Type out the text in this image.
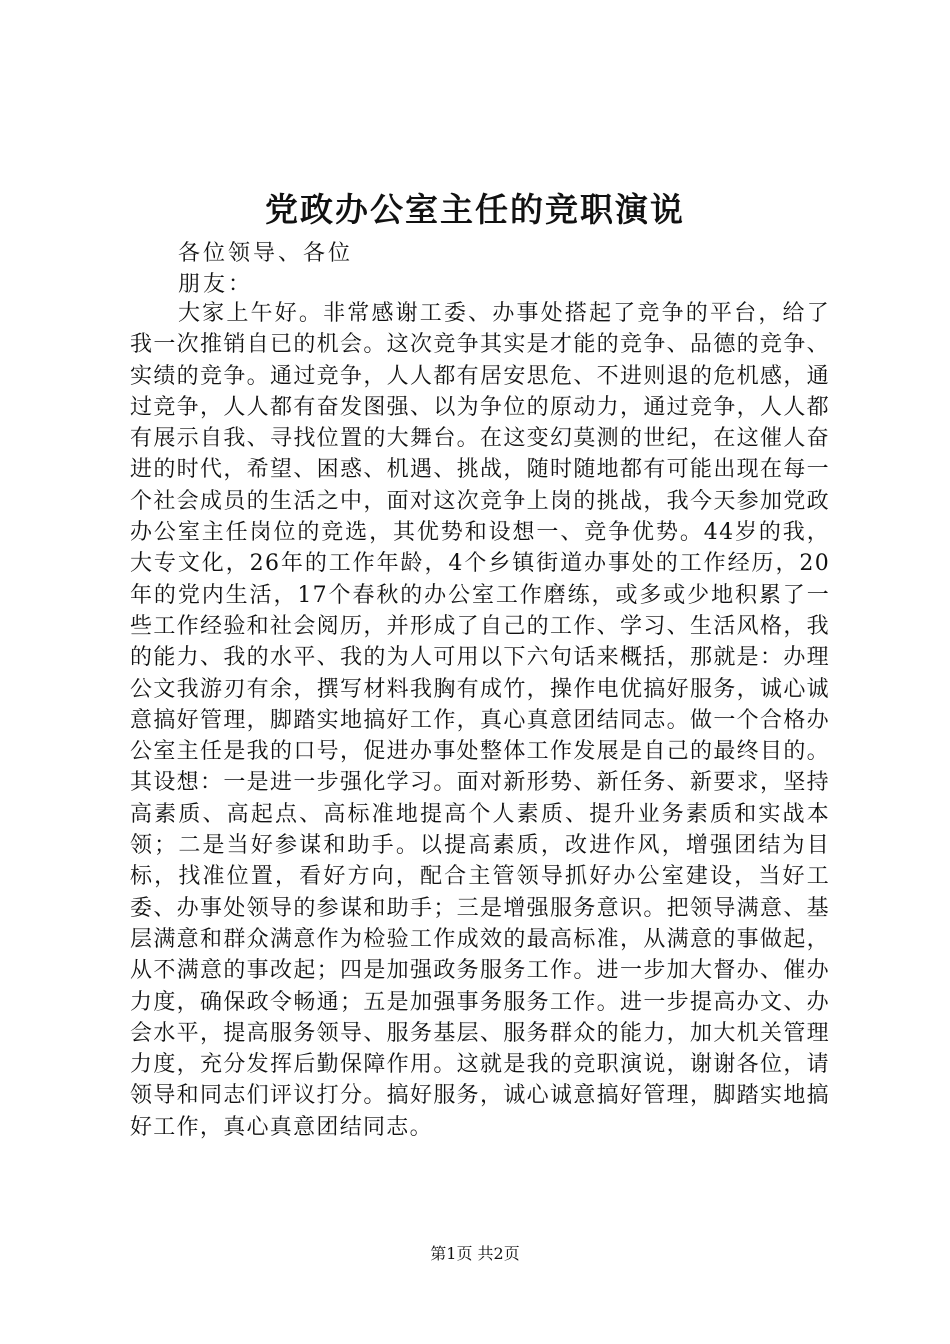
党政办公室主任的竞职演说

各位领导、各位

朋友：

大家上午好。非常感谢工委、办事处搭起了竞争的平台，给了我一次推销自已的机会。这次竞争其实是才能的竞争、品德的竞争、实绩的竞争。通过竞争，人人都有居安思危、不进则退的危机感，通过竞争，人人都有奋发图强、以为争位的原动力，通过竞争，人人都有展示自我、寻找位置的大舞台。在这变幻莫测的世纪，在这催人奋进的时代，希望、困惑、机遇、挑战，随时随地都有可能出现在每一个社会成员的生活之中，面对这次竞争上岗的挑战，我今天参加党政办公室主任岗位的竞选，其优势和设想一、竞争优势。44岁的我，大专文化，26年的工作年龄，4个乡镇街道办事处的工作经历，20年的党内生活，17个春秋的办公室工作磨练，或多或少地积累了一些工作经验和社会阅历，并形成了自己的工作、学习、生活风格，我的能力、我的水平、我的为人可用以下六句话来概括，那就是：办理公文我游刃有余，撰写材料我胸有成竹，操作电优搞好服务，诚心诚意搞好管理，脚踏实地搞好工作，真心真意团结同志。做一个合格办公室主任是我的口号，促进办事处整体工作发展是自己的最终目的。其设想：一是进一步强化学习。面对新形势、新任务、新要求，坚持高素质、高起点、高标准地提高个人素质、提升业务素质和实战本领；二是当好参谋和助手。以提高素质，改进作风，增强团结为目标，找准位置，看好方向，配合主管领导抓好办公室建设，当好工委、办事处领导的参谋和助手；三是增强服务意识。把领导满意、基层满意和群众满意作为检验工作成效的最高标准，从满意的事做起，从不满意的事改起；四是加强政务服务工作。进一步加大督办、催办力度，确保政令畅通；五是加强事务服务工作。进一步提高办文、办会水平，提高服务领导、服务基层、服务群众的能力，加大机关管理力度，充分发挥后勤保障作用。这就是我的竞职演说，谢谢各位，请领导和同志们评议打分。搞好服务，诚心诚意搞好管理，脚踏实地搞好工作，真心真意团结同志。

第1页 共2页
